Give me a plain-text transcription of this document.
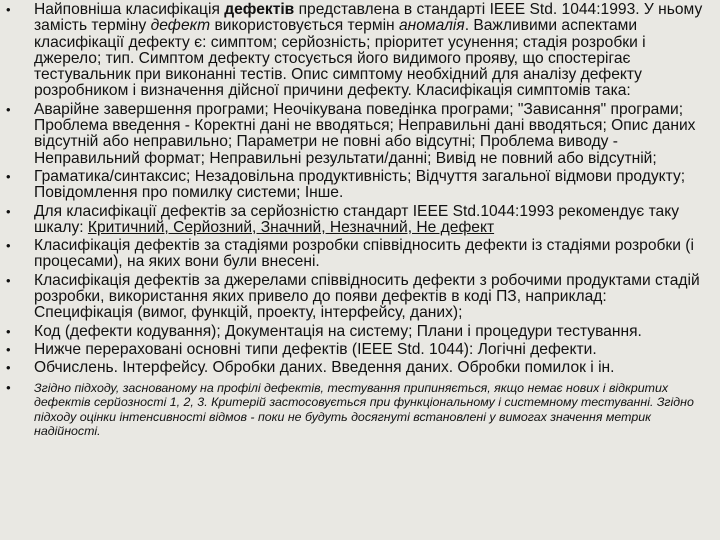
• Найповніша класифікація дефектів представлена в стандарті IEEE Std. 1044:1993. У ньому замість терміну дефект використовується термін аномалія. Важливими аспектами класифікації дефекту є: симптом; серйозність; пріоритет усунення; стадія розробки і джерело; тип. Симптом дефекту стосується його видимого прояву, що спостерігає тестувальник при виконанні тестів. Опис симптому необхідний для аналізу дефекту розробником і визначення дійсної причини дефекту. Класифікація симптомів така:
• Аварійне завершення програми; Неочікувана поведінка програми; "Зависання" програми; Проблема введення - Коректні дані не вводяться; Неправильні дані вводяться; Опис даних відсутній або неправильно; Параметри не повні або відсутні; Проблема виводу - Неправильний формат; Неправильні результати/данні; Вивід не повний або відсутній;
• Граматика/синтаксис; Незадовільна продуктивність; Відчуття загальної відмови продукту; Повідомлення про помилку системи; Інше.
• Для класифікації дефектів за серйозністю стандарт IEEE Std.1044:1993 рекомендує таку шкалу: Критичний, Серйозний, Значний, Незначний, Не дефект
• Класифікація дефектів за стадіями розробки співвідносить дефекти із стадіями розробки (і процесами), на яких вони були внесені.
• Класифікація дефектів за джерелами співвідносить дефекти з робочими продуктами стадій розробки, використання яких привело до появи дефектів в коді ПЗ, наприклад: Специфікація (вимог, функцій, проекту, інтерфейсу, даних);
• Код (дефекти кодування); Документація на систему; Плани і процедури тестування.
• Нижче перераховані основні типи дефектів (IEEE Std. 1044): Логічні дефекти.
• Обчислень. Інтерфейсу. Обробки даних. Введення даних. Обробки помилок і ін.
• Згідно підходу, заснованому на профілі дефектів, тестування припиняється, якщо немає нових і відкритих дефектів серйозності 1, 2, 3. Критерій застосовується при функціональному і системному тестуванні. Згідно підходу оцінки інтенсивності відмов - поки не будуть досягнуті встановлені у вимогах значення метрик надійності.
